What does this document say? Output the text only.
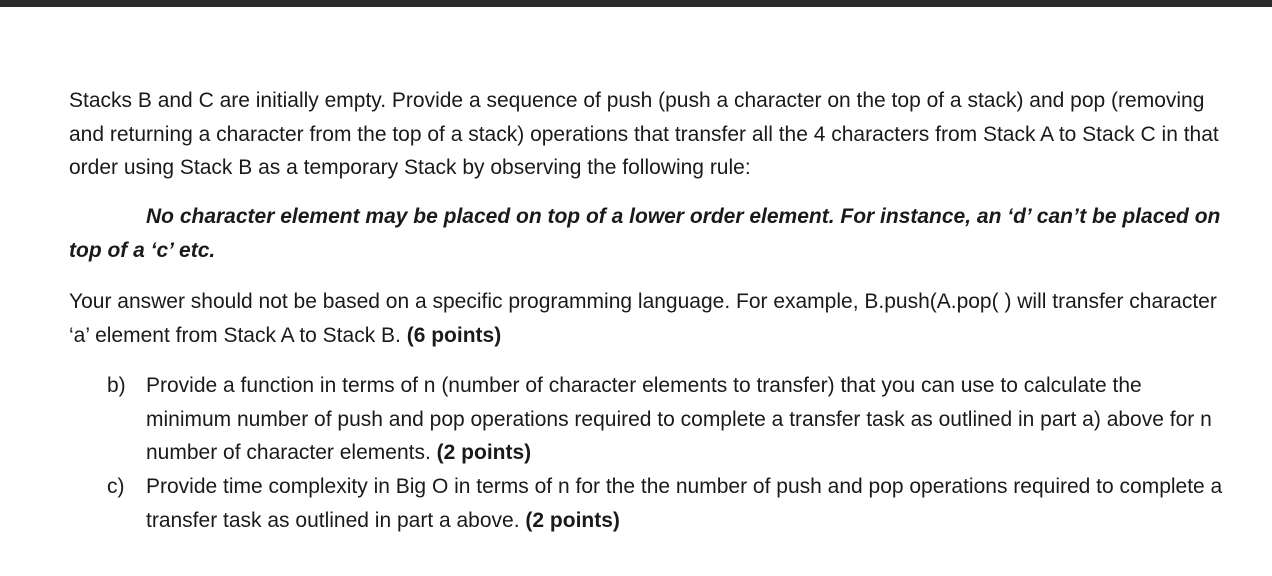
Stacks B and C are initially empty. Provide a sequence of push (push a character on the top of a stack) and pop (removing and returning a character from the top of a stack) operations that transfer all the 4 characters from Stack A to Stack C in that order using Stack B as a temporary Stack by observing the following rule:

No character element may be placed on top of a lower order element. For instance, an ‘d’ can’t be placed on top of a ‘c’ etc.

Your answer should not be based on a specific programming language. For example, B.push(A.pop( ) will transfer character ‘a’ element from Stack A to Stack B. (6 points)

b) Provide a function in terms of n (number of character elements to transfer) that you can use to calculate the minimum number of push and pop operations required to complete a transfer task as outlined in part a) above for n number of character elements. (2 points)
c) Provide time complexity in Big O in terms of n for the the number of push and pop operations required to complete a transfer task as outlined in part a above. (2 points)
